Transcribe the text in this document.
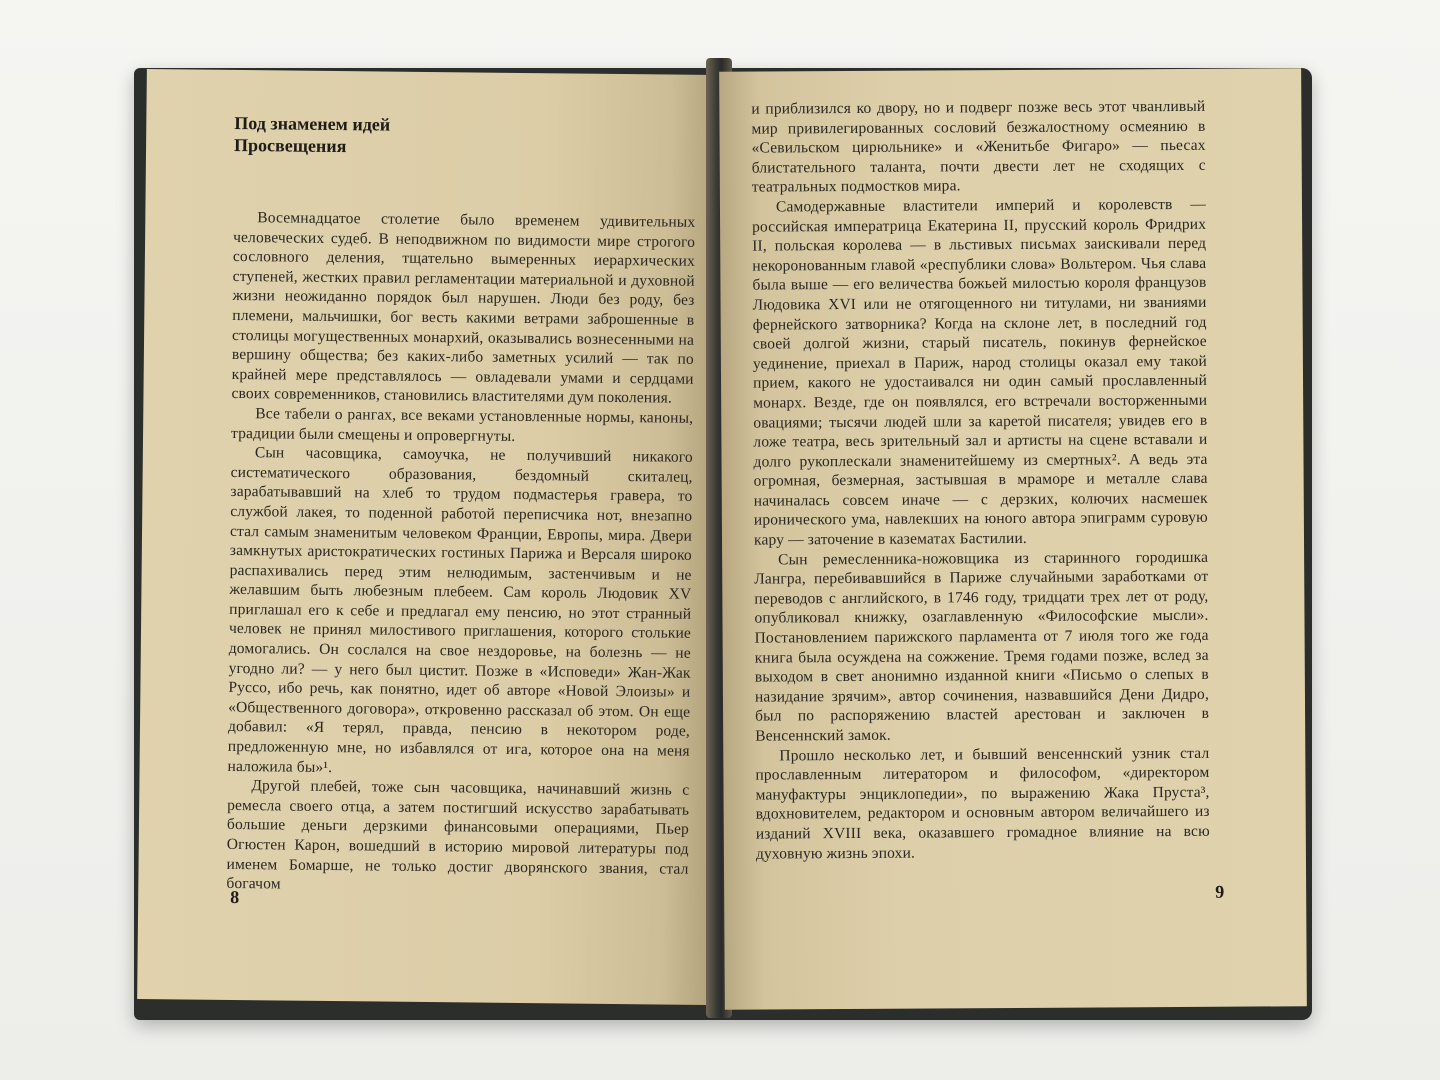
Под знаменем идей
Просвещения

Восемнадцатое столетие было временем удивительных человеческих судеб. В неподвижном по видимости мире строгого сословного деления, тщательно вымеренных иерархических ступеней, жестких правил регламентации материальной и духовной жизни неожиданно порядок был нарушен. Люди без роду, без племени, мальчишки, бог весть какими ветрами заброшенные в столицы могущественных монархий, оказывались вознесенными на вершину общества; без каких-либо заметных усилий — так по крайней мере представлялось — овладевали умами и сердцами своих современников, становились властителями дум поколения.

Все табели о рангах, все веками установленные нормы, каноны, традиции были смещены и опровергнуты.

Сын часовщика, самоучка, не получивший никакого систематического образования, бездомный скиталец, зарабатывавший на хлеб то трудом подмастерья гравера, то службой лакея, то поденной работой переписчика нот, внезапно стал самым знаменитым человеком Франции, Европы, мира. Двери замкнутых аристократических гостиных Парижа и Версаля широко распахивались перед этим нелюдимым, застенчивым и не желавшим быть любезным плебеем. Сам король Людовик XV приглашал его к себе и предлагал ему пенсию, но этот странный человек не принял милостивого приглашения, которого столькие домогались. Он сослался на свое нездоровье, на болезнь — не угодно ли? — у него был цистит. Позже в «Исповеди» Жан-Жак Руссо, ибо речь, как понятно, идет об авторе «Новой Элоизы» и «Общественного договора», откровенно рассказал об этом. Он еще добавил: «Я терял, правда, пенсию в некотором роде, предложенную мне, но избавлялся от ига, которое она на меня наложила бы»¹.

Другой плебей, тоже сын часовщика, начинавший жизнь с ремесла своего отца, а затем постигший искусство зарабатывать большие деньги дерзкими финансовыми операциями, Пьер Огюстен Карон, вошедший в историю мировой литературы под именем Бомарше, не только достиг дворянского звания, стал богачом

8

и приблизился ко двору, но и подверг позже весь этот чванливый мир привилегированных сословий безжалостному осмеянию в «Севильском цирюльнике» и «Женитьбе Фигаро» — пьесах блистательного таланта, почти двести лет не сходящих с театральных подмостков мира.

Самодержавные властители империй и королевств — российская императрица Екатерина II, прусский король Фридрих II, польская королева — в льстивых письмах заискивали перед некоронованным главой «республики слова» Вольтером. Чья слава была выше — его величества божьей милостью короля французов Людовика XVI или не отягощенного ни титулами, ни званиями фернейского затворника? Когда на склоне лет, в последний год своей долгой жизни, старый писатель, покинув фернейское уединение, приехал в Париж, народ столицы оказал ему такой прием, какого не удостаивался ни один самый прославленный монарх. Везде, где он появлялся, его встречали восторженными овациями; тысячи людей шли за каретой писателя; увидев его в ложе театра, весь зрительный зал и артисты на сцене вставали и долго рукоплескали знаменитейшему из смертных². А ведь эта огромная, безмерная, застывшая в мраморе и металле слава начиналась совсем иначе — с дерзких, колючих насмешек иронического ума, навлекших на юного автора эпиграмм суровую кару — заточение в казематах Бастилии.

Сын ремесленника-ножовщика из старинного городишка Лангра, перебивавшийся в Париже случайными заработками от переводов с английского, в 1746 году, тридцати трех лет от роду, опубликовал книжку, озаглавленную «Философские мысли». Постановлением парижского парламента от 7 июля того же года книга была осуждена на сожжение. Тремя годами позже, вслед за выходом в свет анонимно изданной книги «Письмо о слепых в назидание зрячим», автор сочинения, назвавшийся Дени Дидро, был по распоряжению властей арестован и заключен в Венсеннский замок.

Прошло несколько лет, и бывший венсеннский узник стал прославленным литератором и философом, «директором мануфактуры энциклопедии», по выражению Жака Пруста³, вдохновителем, редактором и основным автором величайшего из изданий XVIII века, оказавшего громадное влияние на всю духовную жизнь эпохи.

9
